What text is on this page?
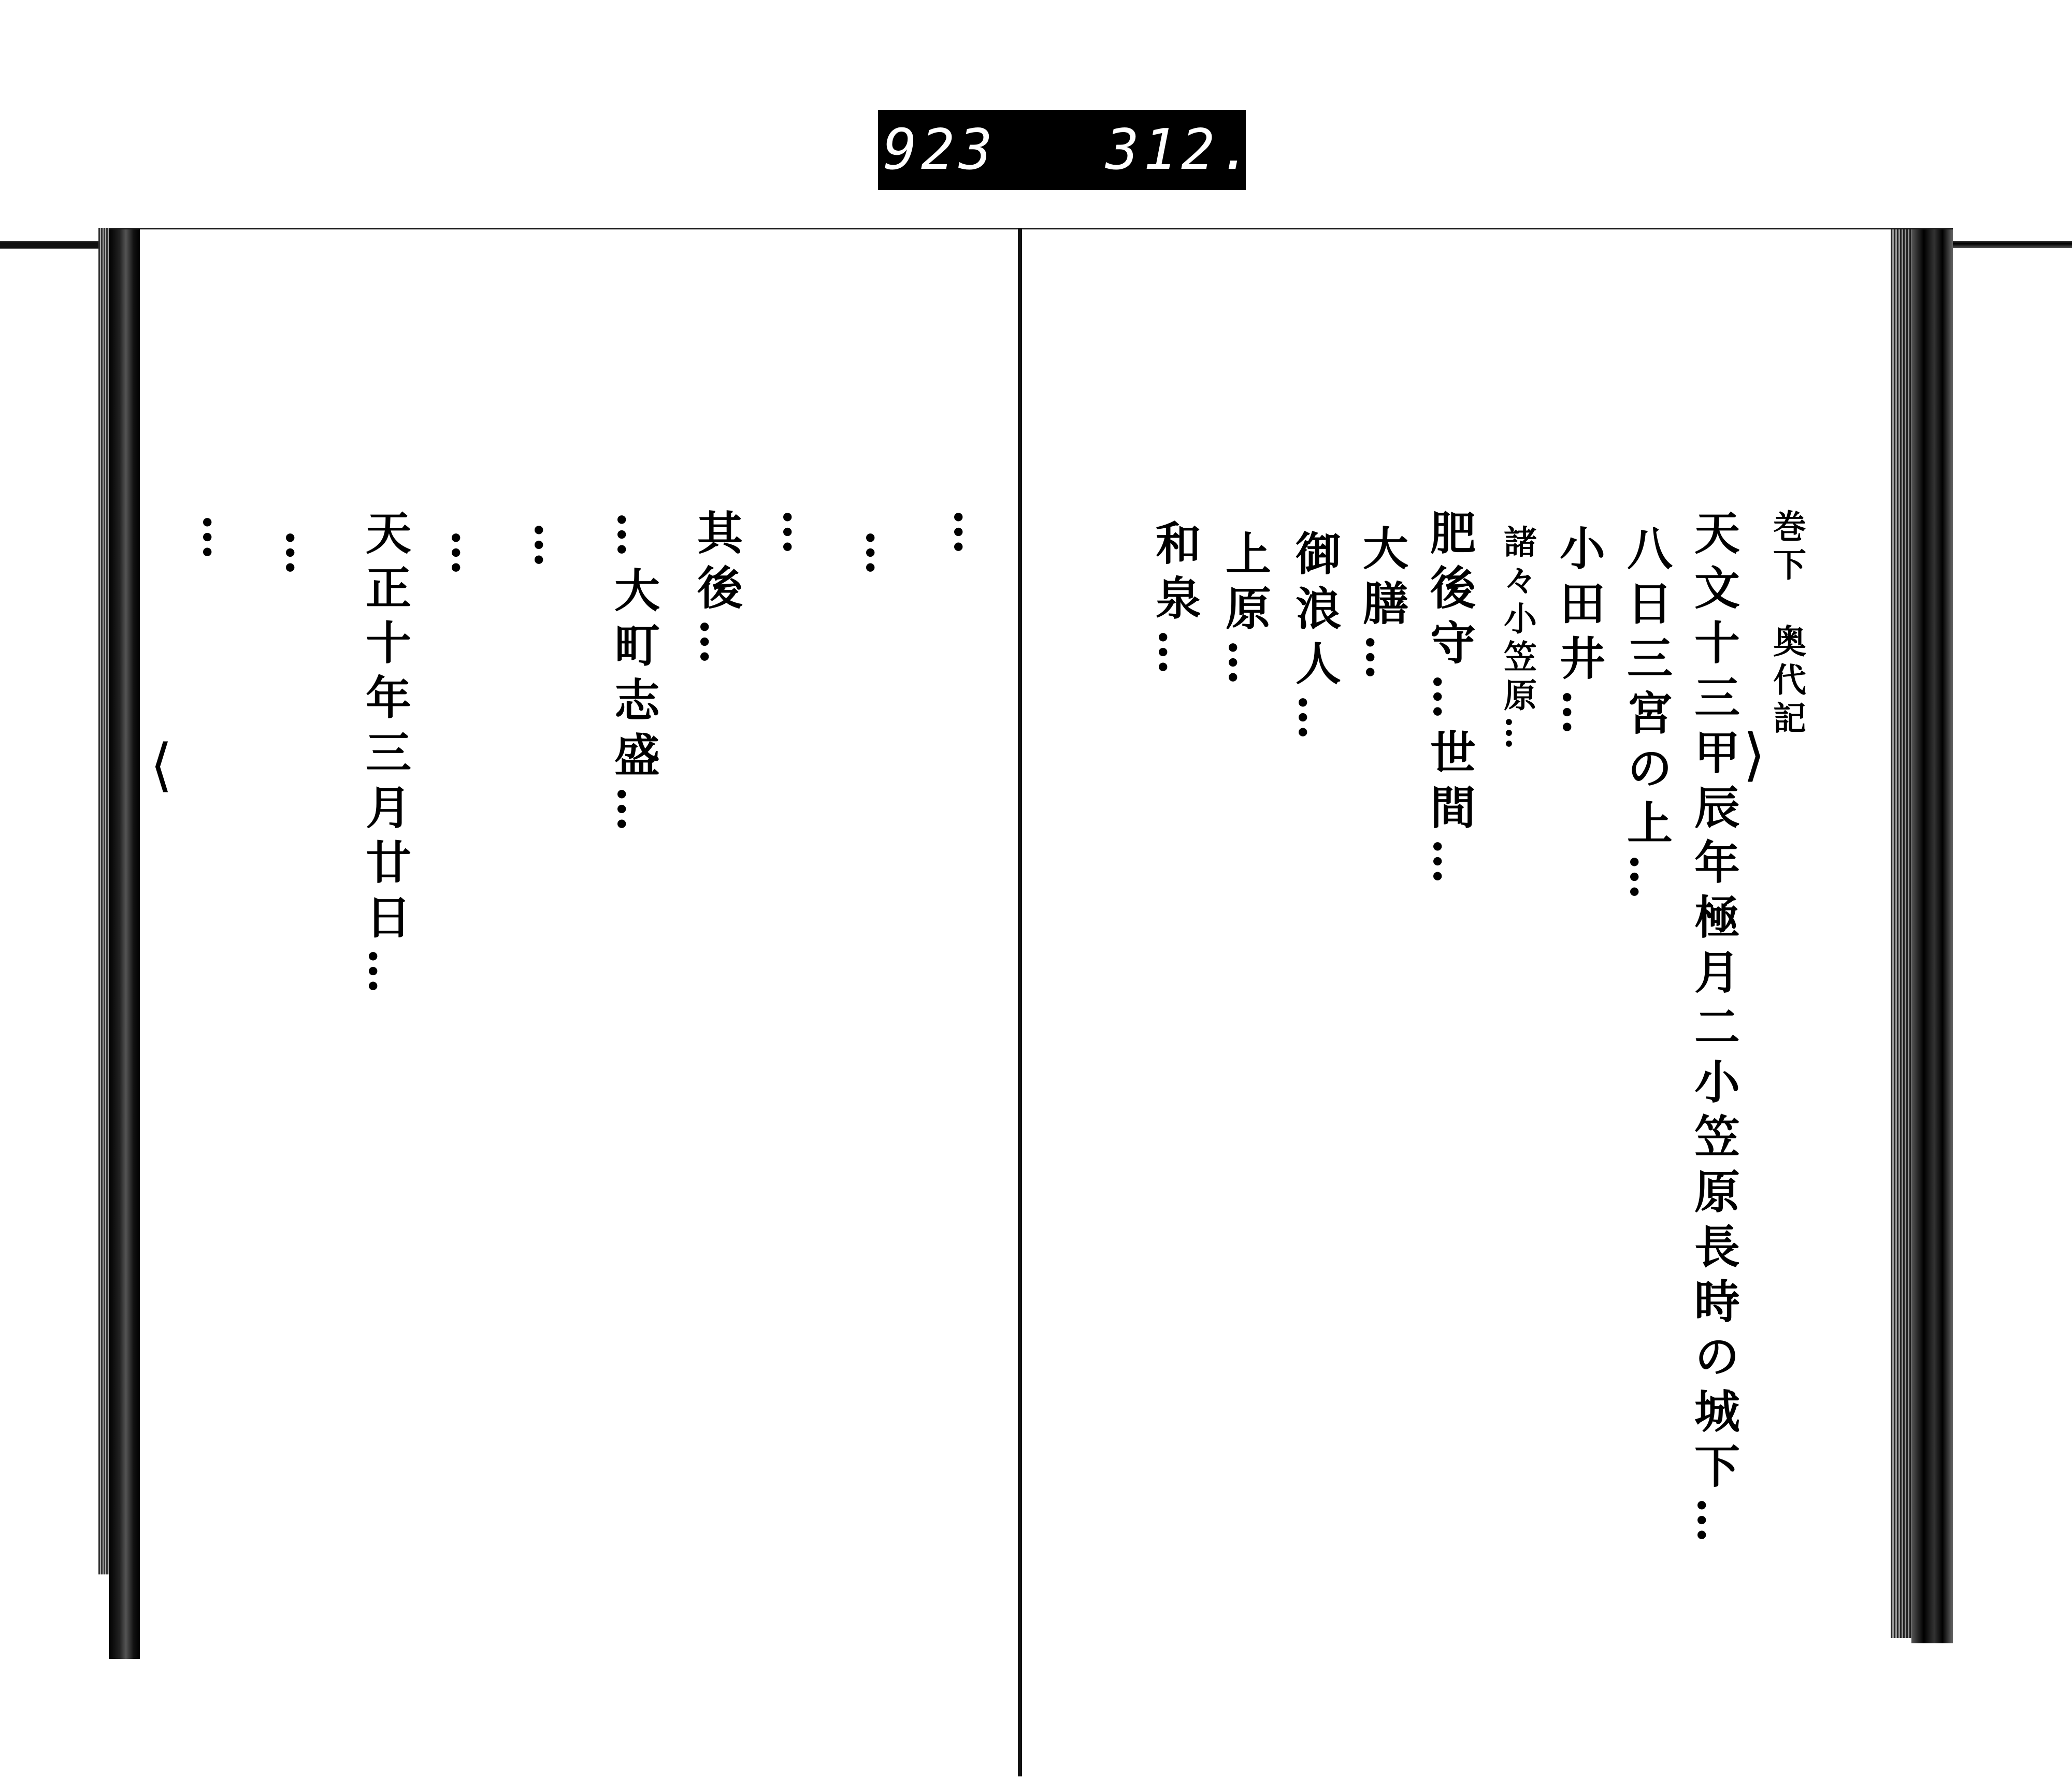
923 312.
…
…
…
其後…
…大町志盛…
…
…
天正十年三月廿日…
…
…
⟨
巻下　奥代記
⟩
天文十三甲辰年極月二小笠原長時の城下…
八日三宮の上…
小田井…
諸々小笠原…
肥後守…世間…
大膳…
御浪人…
上原…
和泉…
